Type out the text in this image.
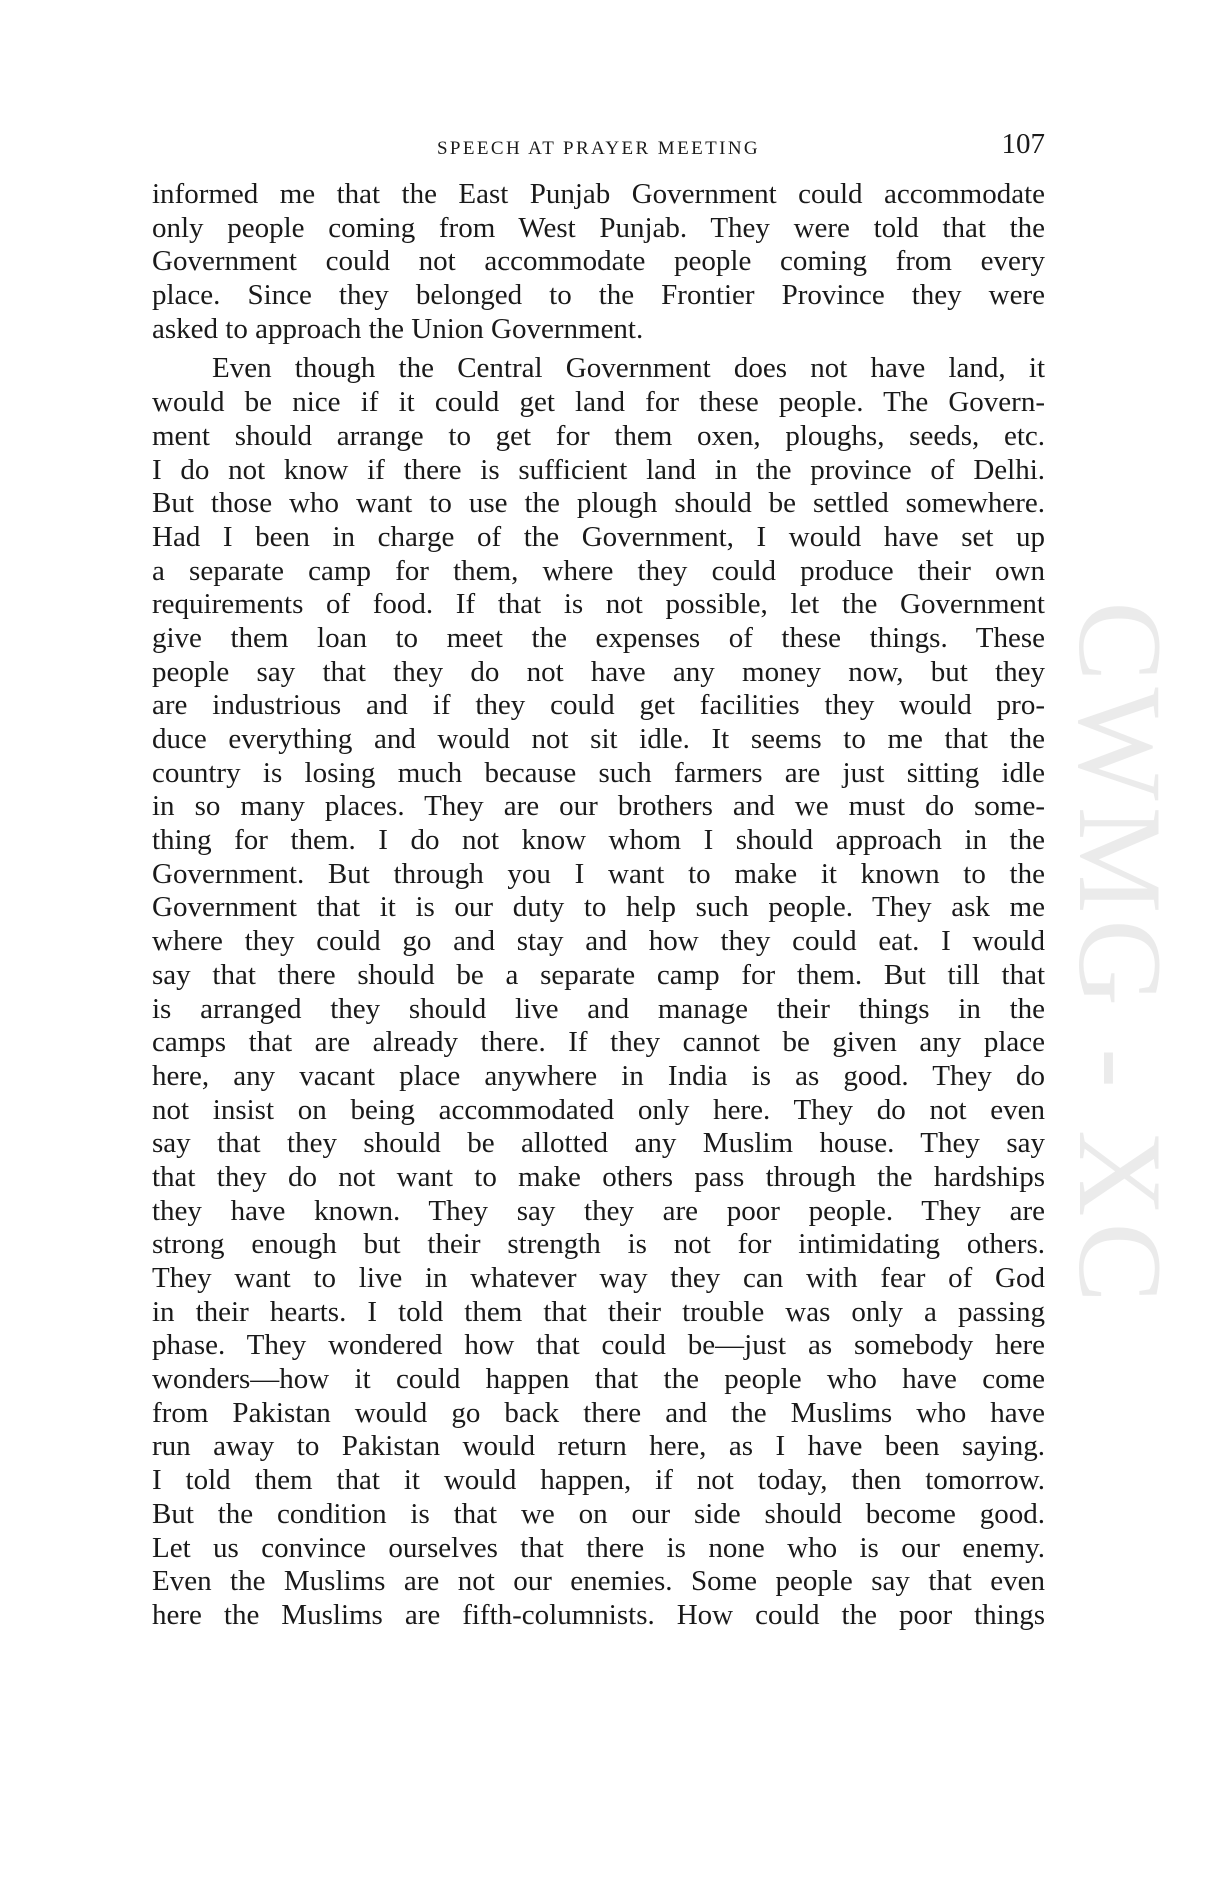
SPEECH AT PRAYER MEETING	107
CWMG - XC
informed me that the East Punjab Government could accommodate
only people coming from West Punjab. They were told that the
Government could not accommodate people coming from every
place. Since they belonged to the Frontier Province they were
asked to approach the Union Government.
Even though the Central Government does not have land, it
would be nice if it could get land for these people. The Govern-
ment should arrange to get for them oxen, ploughs, seeds, etc.
I do not know if there is sufficient land in the province of Delhi.
But those who want to use the plough should be settled somewhere.
Had I been in charge of the Government, I would have set up
a separate camp for them, where they could produce their own
requirements of food. If that is not possible, let the Government
give them loan to meet the expenses of these things. These
people say that they do not have any money now, but they
are industrious and if they could get facilities they would pro-
duce everything and would not sit idle. It seems to me that the
country is losing much because such farmers are just sitting idle
in so many places. They are our brothers and we must do some-
thing for them. I do not know whom I should approach in the
Government. But through you I want to make it known to the
Government that it is our duty to help such people. They ask me
where they could go and stay and how they could eat. I would
say that there should be a separate camp for them. But till that
is arranged they should live and manage their things in the
camps that are already there. If they cannot be given any place
here, any vacant place anywhere in India is as good. They do
not insist on being accommodated only here. They do not even
say that they should be allotted any Muslim house. They say
that they do not want to make others pass through the hardships
they have known. They say they are poor people. They are
strong enough but their strength is not for intimidating others.
They want to live in whatever way they can with fear of God
in their hearts. I told them that their trouble was only a passing
phase. They wondered how that could be—just as somebody here
wonders—how it could happen that the people who have come
from Pakistan would go back there and the Muslims who have
run away to Pakistan would return here, as I have been saying.
I told them that it would happen, if not today, then tomorrow.
But the condition is that we on our side should become good.
Let us convince ourselves that there is none who is our enemy.
Even the Muslims are not our enemies. Some people say that even
here the Muslims are fifth-columnists. How could the poor things
